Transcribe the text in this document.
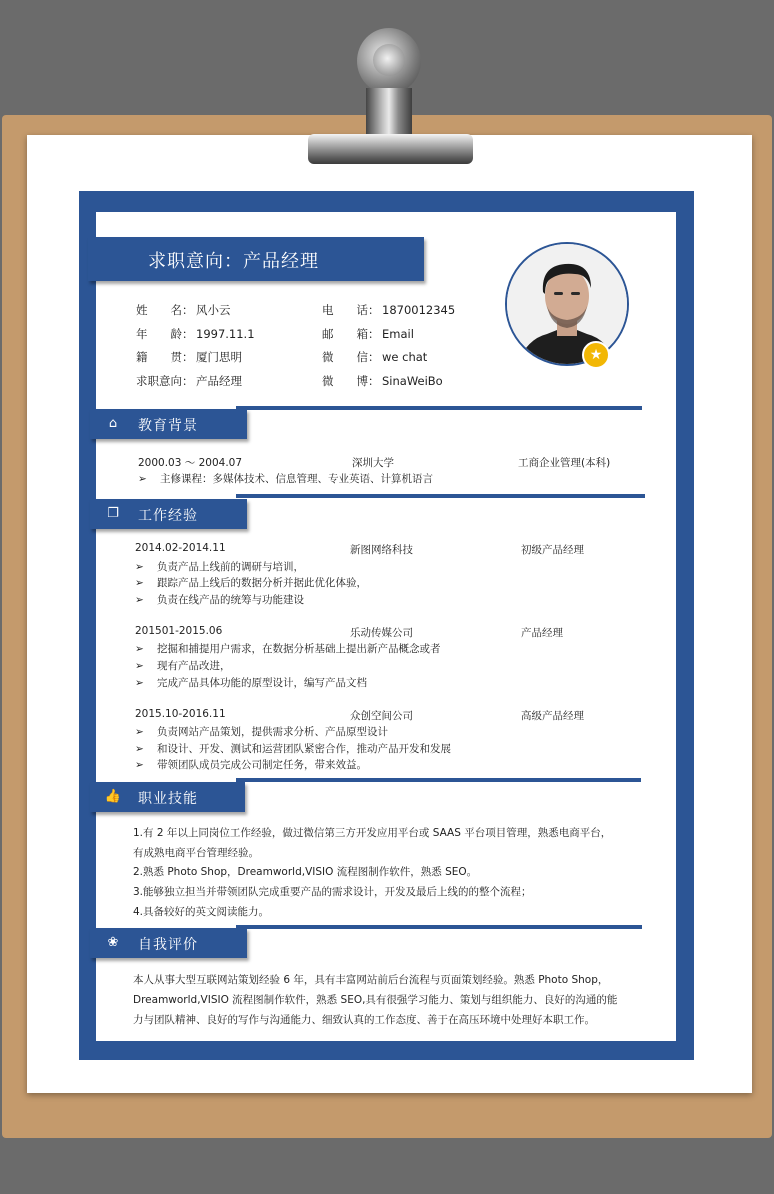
求职意向：产品经理
★
姓　　名： 风小云
年　　龄： 1997.11.1
籍　　贯： 厦门思明
求职意向： 产品经理
电　　话： 1870012345
邮　　箱： Email
微　　信： we chat
微　　博： SinaWeiBo
⌂	教育背景
2000.03 ～ 2004.07	深圳大学	工商企业管理(本科)
➢ 主修课程：多媒体技术、信息管理、专业英语、计算机语言
❐ 工作经验
2014.02-2014.11	新图网络科技	初级产品经理
➢ 负责产品上线前的调研与培训，
➢ 跟踪产品上线后的数据分析并据此优化体验，
➢ 负责在线产品的统筹与功能建设
201501-2015.06	乐动传媒公司	产品经理
➢ 挖掘和捕提用户需求，在数据分析基础上提出新产品概念或者
➢ 现有产品改进，
➢ 完成产品具体功能的原型设计，编写产品文档
2015.10-2016.11	众创空间公司	高级产品经理
➢ 负责网站产品策划，提供需求分析、产品原型设计
➢ 和设计、开发、测试和运营团队紧密合作，推动产品开发和发展
➢ 带领团队成员完成公司制定任务，带来效益。
👍 职业技能
1.有 2 年以上同岗位工作经验，做过微信第三方开发应用平台或 SAAS 平台项目管理，熟悉电商平台，
有成熟电商平台管理经验。
2.熟悉 Photo Shop，Dreamworld,VISIO 流程图制作软件，熟悉 SEO。
3.能够独立担当并带领团队完成重要产品的需求设计，开发及最后上线的的整个流程；
4.具备较好的英文阅读能力。
❀ 自我评价
本人从事大型互联网站策划经验 6 年，具有丰富网站前后台流程与页面策划经验。熟悉 Photo Shop，
Dreamworld,VISIO 流程图制作软件，熟悉 SEO,具有很强学习能力、策划与组织能力、良好的沟通的能
力与团队精神、良好的写作与沟通能力、细致认真的工作态度、善于在高压环境中处理好本职工作。
